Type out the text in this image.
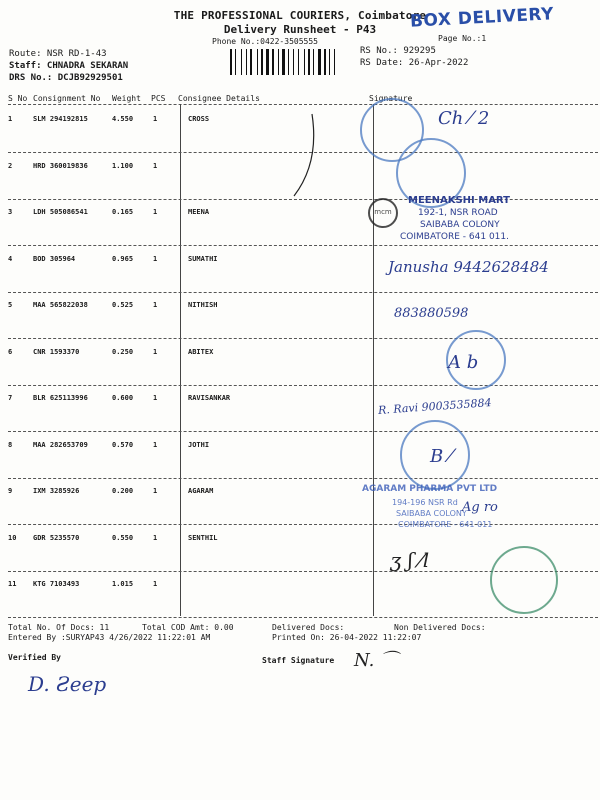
THE PROFESSIONAL COURIERS, Coimbatore
Delivery Runsheet - P43
Phone No.:0422-3505555	Page No.:1
BOX DELIVERY
Route: NSR RD-1-43
Staff: CHNADRA SEKARAN
DRS No.: DCJB92929501
RS No.: 929295
RS Date: 26-Apr-2022
S No Consignment No Weight PCS Consignee Details	Signature
1	SLM 294192815	4.550	1	CROSS
2	HRD 360019836	1.100	1
3	LDH 505086541	0.165	1	MEENA
4	BOD 305964	0.965	1	SUMATHI
5	MAA 565822038	0.525	1	NITHISH
6	CNR 1593370	0.250	1	ABITEX
7	BLR 625113996	0.600	1	RAVISANKAR
8	MAA 282653709	0.570	1	JOTHI
9	IXM 3285926	0.200	1	AGARAM
10 GDR 5235570	0.550	1	SENTHIL
11 KTG 7103493	1.015	1
Ch ⁄ 2
mcm
MEENAKSHI MART
192-1, NSR ROAD
SAIBABA COLONY
COIMBATORE - 641 011.
Janusha 9442628484
883880598
A b
R. Ravi 9003535884
B ⁄
AGARAM PHARMA PVT LTD
194-196 NSR Rd
SAIBABA COLONY
COIMBATORE - 641 011
Ag ro
ʒ ʃ ⁄l
Total No. Of Docs: 11	Total COD Amt: 0.00	Delivered Docs:	Non Delivered Docs:
Entered By :SURYAP43 4/26/2022 11:22:01 AM	Printed On: 26-04-2022 11:22:07
Verified By	Staff Signature N. ⌒
D. Ƨeep
